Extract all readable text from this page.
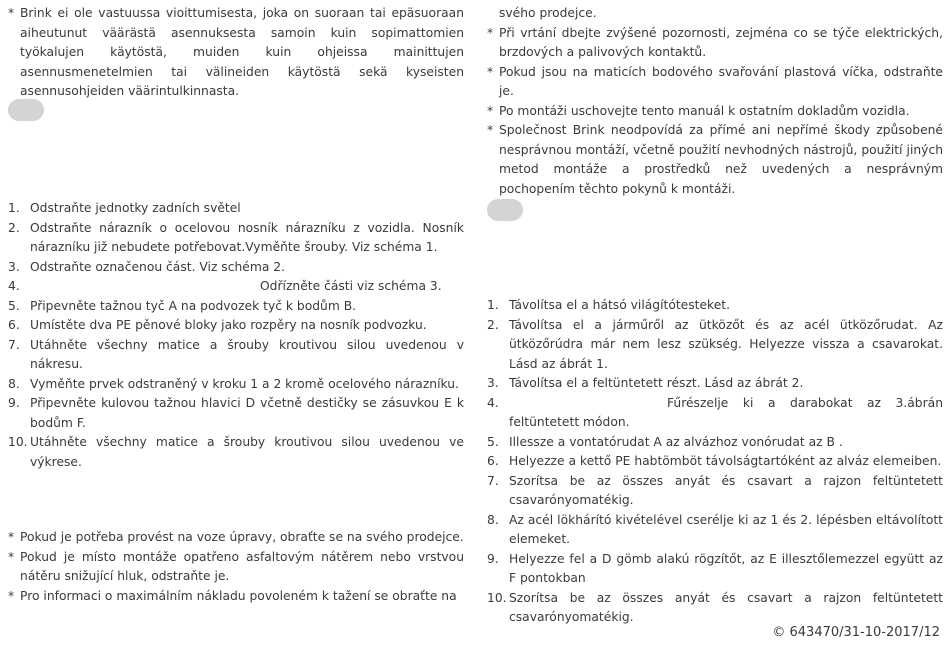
* Brink ei ole vastuussa vioittumisesta, joka on suoraan tai epäsuoraan aiheutunut väärästä asennuksesta samoin kuin sopimattomien työkalujen käytöstä, muiden kuin ohjeissa mainittujen asennusmenetelmien tai välineiden käytöstä sekä kyseisten asennusohjeiden väärintulkinnasta.
1. Odstraňte jednotky zadních světel
2. Odstraňte nárazník o ocelovou nosník nárazníku z vozidla. Nosník nárazníku již nebudete potřebovat.Vyměňte šrouby. Viz schéma 1.
3. Odstraňte označenou část. Viz schéma 2.
4.	Odřízněte části viz schéma 3.
5. Připevněte tažnou tyč A na podvozek tyč k bodům B.
6. Umístěte dva PE pěnové bloky jako rozpěry na nosník podvozku.
7. Utáhněte všechny matice a šrouby kroutivou silou uvedenou v nákresu.
8. Vyměňte prvek odstraněný v kroku 1 a 2 kromě ocelového nárazníku.
9. Připevněte kulovou tažnou hlavici D včetně destičky se zásuvkou E k bodům F.
10. Utáhněte všechny matice a šrouby kroutivou silou uvedenou ve výkrese.
* Pokud je potřeba provést na voze úpravy, obraťte se na svého prodejce.
* Pokud je místo montáže opatřeno asfaltovým nátěrem nebo vrstvou nátěru snižující hluk, odstraňte je.
* Pro informaci o maximálním nákladu povoleném k tažení se obraťte na
svého prodejce.
* Při vrtání dbejte zvýšené pozornosti, zejména co se týče elektrických, brzdových a palivových kontaktů.
* Pokud jsou na maticích bodového svařování plastová víčka, odstraňte je.
* Po montáži uschovejte tento manuál k ostatním dokladům vozidla.
* Společnost Brink neodpovídá za přímé ani nepřímé škody způsobené nesprávnou montáží, včetně použití nevhodných nástrojů, použití jiných metod montáže a prostředků než uvedených a nesprávným pochopením těchto pokynů k montáži.
1. Távolítsa el a hátsó világítótesteket.
2. Távolítsa el a járműről az ütközőt és az acél ütközőrudat. Az ütközőrúdra már nem lesz szükség. Helyezze vissza a csavarokat. Lásd az ábrát 1.
3. Távolítsa el a feltüntetett részt. Lásd az ábrát 2.
4.	Fűrészelje ki a darabokat az 3.ábrán feltüntetett módon.
5. Illessze a vontatórudat A az alvázhoz vonórudat az B .
6. Helyezze a kettő PE habtömböt távolságtartóként az alváz elemeiben.
7. Szorítsa be az összes anyát és csavart a rajzon feltüntetett csavarónyomatékig.
8. Az acél lökhárító kivételével cserélje ki az 1 és 2. lépésben eltávolított elemeket.
9. Helyezze fel a D gömb alakú rögzítőt, az E illesztőlemezzel együtt az F pontokban
10. Szorítsa be az összes anyát és csavart a rajzon feltüntetett csavarónyomatékig.
© 643470/31-10-2017/12
